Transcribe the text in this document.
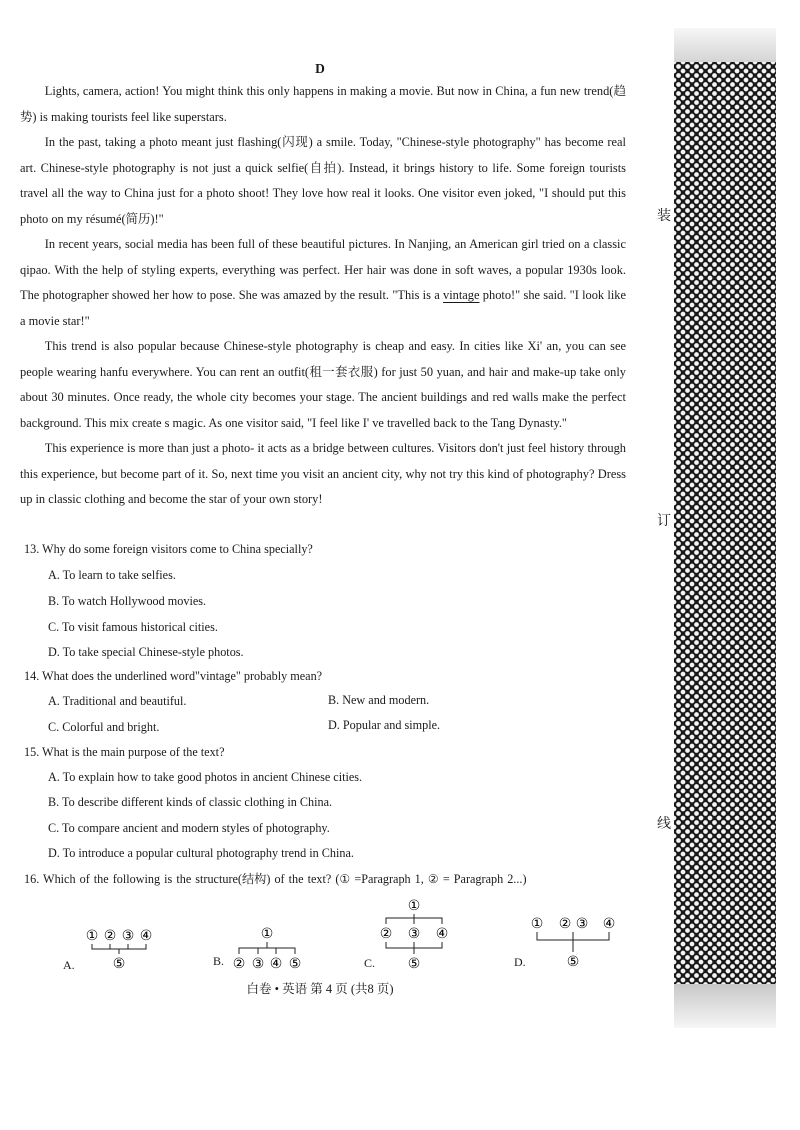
D

Lights, camera, action! You might think this only happens in making a movie. But now in China, a fun new trend(趋势) is making tourists feel like superstars.

In the past, taking a photo meant just flashing(闪现) a smile. Today, "Chinese-style photography" has become real art. Chinese-style photography is not just a quick selfie(自拍). Instead, it brings history to life. Some foreign tourists travel all the way to China just for a photo shoot! They love how real it looks. One visitor even joked, "I should put this photo on my résumé(简历)!"

In recent years, social media has been full of these beautiful pictures. In Nanjing, an American girl tried on a classic qipao. With the help of styling experts, everything was perfect. Her hair was done in soft waves, a popular 1930s look. The photographer showed her how to pose. She was amazed by the result. "This is a vintage photo!" she said. "I look like a movie star!"

This trend is also popular because Chinese-style photography is cheap and easy. In cities like Xi' an, you can see people wearing hanfu everywhere. You can rent an outfit(租一套衣服) for just 50 yuan, and hair and make-up take only about 30 minutes. Once ready, the whole city becomes your stage. The ancient buildings and red walls make the perfect background. This mix create s magic. As one visitor said, "I feel like I' ve travelled back to the Tang Dynasty."

This experience is more than just a photo- it acts as a bridge between cultures. Visitors don't just feel history through this experience, but become part of it. So, next time you visit an ancient city, why not try this kind of photography? Dress up in classic clothing and become the star of your own story!

13. Why do some foreign visitors come to China specially?
A. To learn to take selfies.
B. To watch Hollywood movies.
C. To visit famous historical cities.
D. To take special Chinese-style photos.
14. What does the underlined word"vintage" probably mean?
A. Traditional and beautiful.	B. New and modern.
C. Colorful and bright.	D. Popular and simple.
15. What is the main purpose of the text?
A. To explain how to take good photos in ancient Chinese cities.
B. To describe different kinds of classic clothing in China.
C. To compare ancient and modern styles of photography.
D. To introduce a popular cultural photography trend in China.
16. Which of the following is the structure(结构) of the text? (① =Paragraph 1, ② = Paragraph 2...)
① ② ③ ④
⑤
A.
①
② ③ ④ ⑤
B.
①
② ③ ④
⑤
C.
① ② ③ ④
⑤
D.
白卷 • 英语 第 4 页 (共8 页)
装
订
线
